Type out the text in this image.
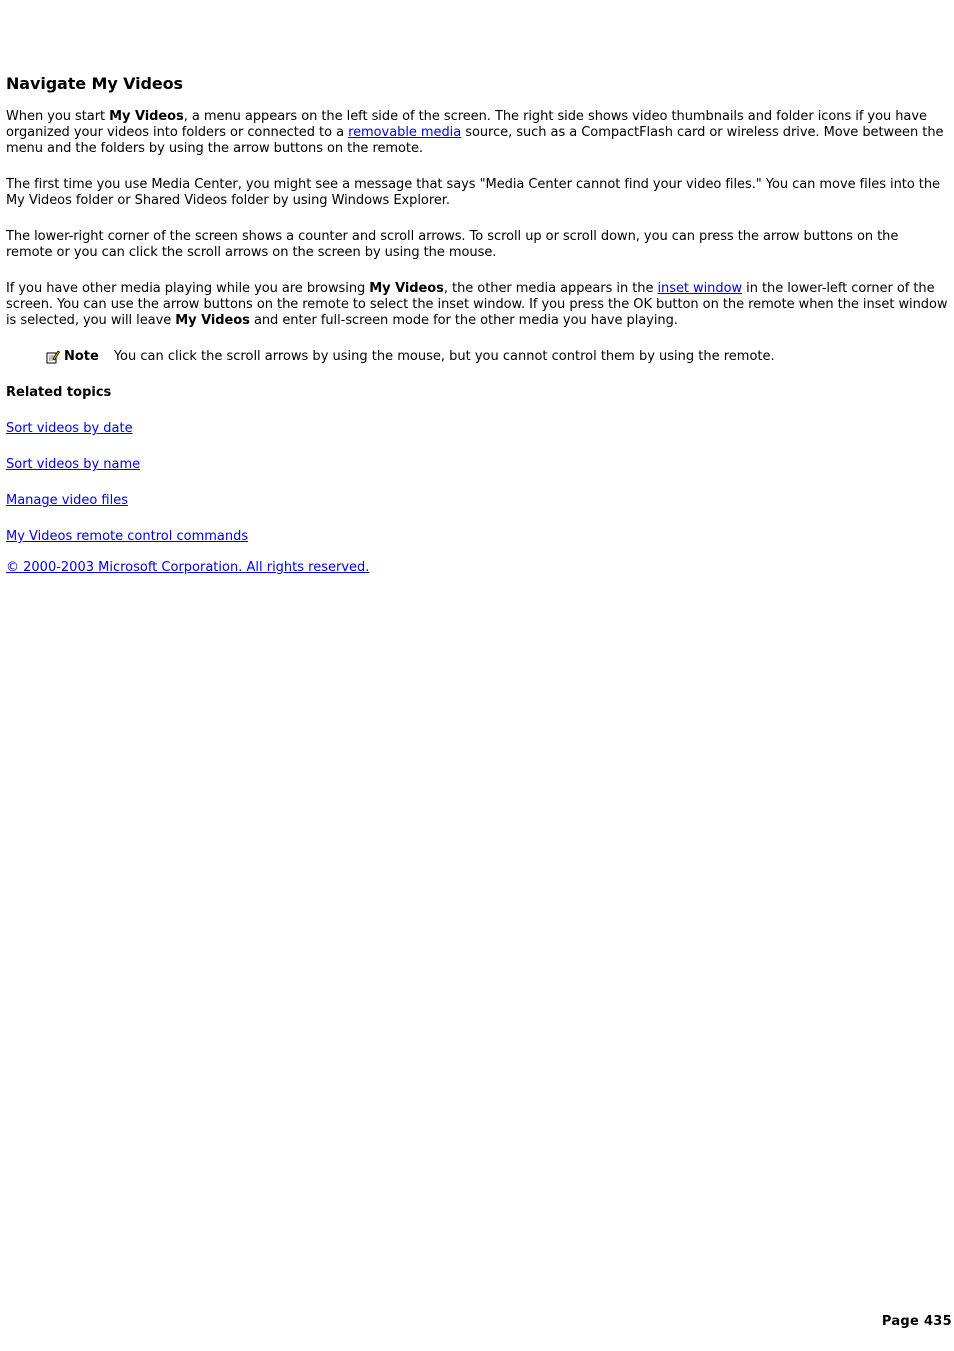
Navigate My Videos

When you start My Videos, a menu appears on the left side of the screen. The right side shows video thumbnails and folder icons if you have organized your videos into folders or connected to a removable media source, such as a CompactFlash card or wireless drive. Move between the menu and the folders by using the arrow buttons on the remote.

The first time you use Media Center, you might see a message that says "Media Center cannot find your video files." You can move files into the My Videos folder or Shared Videos folder by using Windows Explorer.

The lower-right corner of the screen shows a counter and scroll arrows. To scroll up or scroll down, you can press the arrow buttons on the remote or you can click the scroll arrows on the screen by using the mouse.

If you have other media playing while you are browsing My Videos, the other media appears in the inset window in the lower-left corner of the screen. You can use the arrow buttons on the remote to select the inset window. If you press the OK button on the remote when the inset window is selected, you will leave My Videos and enter full-screen mode for the other media you have playing.

Note You can click the scroll arrows by using the mouse, but you cannot control them by using the remote.
Related topics
Sort videos by date
Sort videos by name
Manage video files
My Videos remote control commands
© 2000-2003 Microsoft Corporation. All rights reserved.
Page 435
